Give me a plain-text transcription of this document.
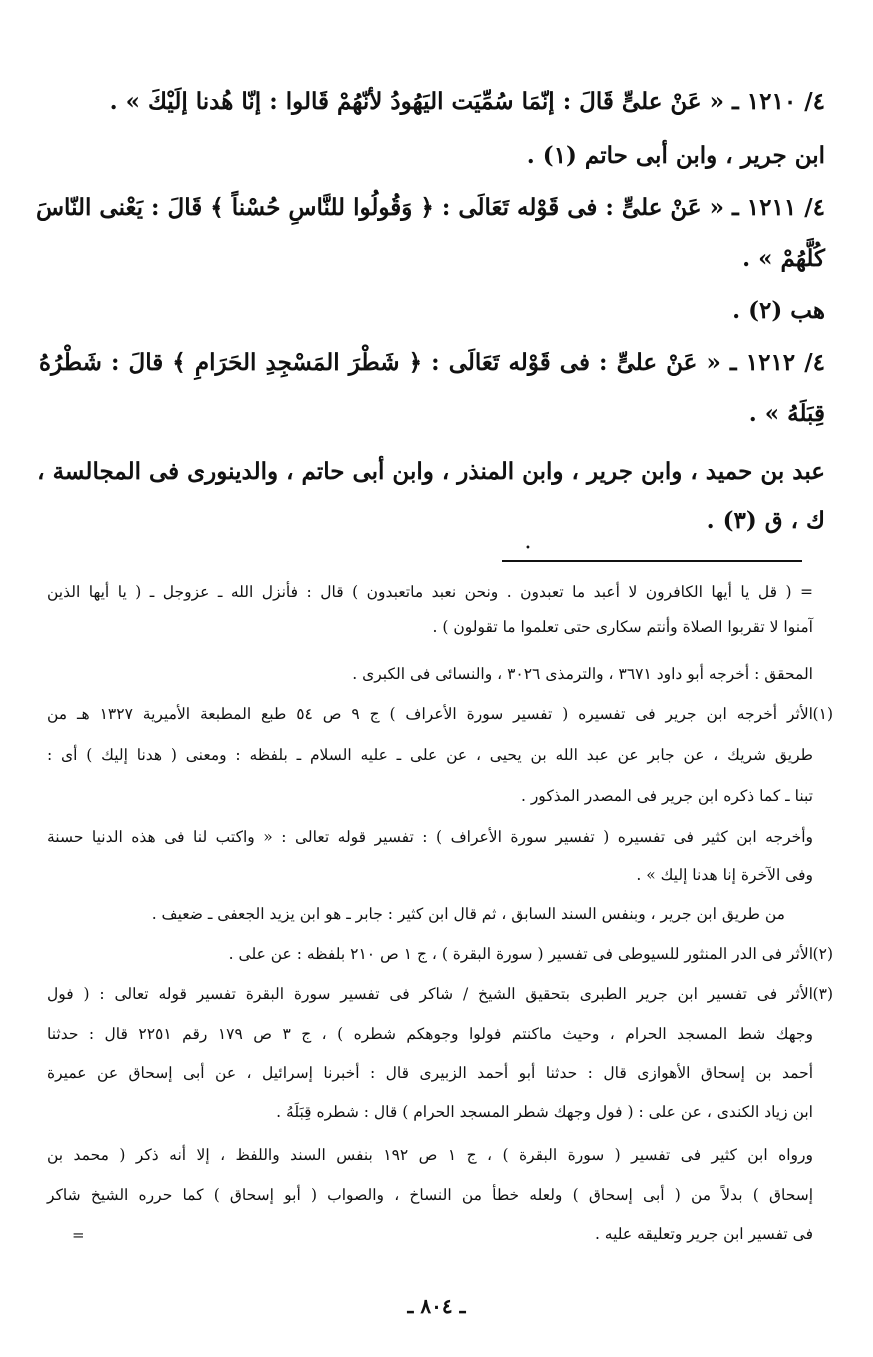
٤/ ١٢١٠ ـ « عَنْ علىٍّ قَالَ : إنّمَا سُمِّيَت اليَهُودُ لأنّهُمْ قَالوا : إنّا هُدنا إلَيْكَ » .
ابن جرير ، وابن أبى حاتم (١) .
٤/ ١٢١١ ـ « عَنْ علىٍّ : فى قَوْله تَعَالَى : ﴿ وَقُولُوا للنَّاسِ حُسْناً ﴾ قَالَ : يَعْنى النّاسَ
كُلَّهُمْ » .
هب (٢) .
٤/ ١٢١٢ ـ « عَنْ علىٍّ : فى قَوْله تَعَالَى : ﴿ شَطْرَ المَسْجِدِ الحَرَامِ ﴾ قالَ : شَطْرُهُ
قِبَلَهُ » .
عبد بن حميد ، وابن جرير ، وابن المنذر ، وابن أبى حاتم ، والدينورى فى المجالسة ،
ك ، ق (٣) .
•
= ( قل يا أيها الكافرون لا أعبد ما تعبدون . ونحن نعبد ماتعبدون ) قال : فأنزل الله ـ عزوجل ـ ( يا أيها الذين
آمنوا لا تقربوا الصلاة وأنتم سكارى حتى تعلموا ما تقولون ) .
المحقق : أخرجه أبو داود ٣٦٧١ ، والترمذى ٣٠٢٦ ، والنسائى فى الكبرى .
(١)
الأثر أخرجه ابن جرير فى تفسيره ( تفسير سورة الأعراف ) ج ٩ ص ٥٤ طبع المطبعة الأميرية ١٣٢٧ هـ من
طريق شريك ، عن جابر عن عبد الله بن يحيى ، عن على ـ عليه السلام ـ بلفظه : ومعنى ( هدنا إليك ) أى :
تبنا ـ كما ذكره ابن جرير فى المصدر المذكور .
وأخرجه ابن كثير فى تفسيره ( تفسير سورة الأعراف ) : تفسير قوله تعالى : « واكتب لنا فى هذه الدنيا حسنة
وفى الآخرة إنا هدنا إليك » .
من طريق ابن جرير ، وبنفس السند السابق ، ثم قال ابن كثير : جابر ـ هو ابن يزيد الجعفى ـ ضعيف .
(٢)
الأثر فى الدر المنثور للسيوطى فى تفسير ( سورة البقرة ) ، ج ١ ص ٢١٠ بلفظه : عن على .
(٣)
الأثر فى تفسير ابن جرير الطبرى بتحقيق الشيخ / شاكر فى تفسير سورة البقرة تفسير قوله تعالى : ( فول
وجهك شط المسجد الحرام ، وحيث ماكنتم فولوا وجوهكم شطره ) ، ج ٣ ص ١٧٩ رقم ٢٢٥١ قال : حدثنا
أحمد بن إسحاق الأهوازى قال : حدثنا أبو أحمد الزبيرى قال : أخبرنا إسرائيل ، عن أبى إسحاق عن عميرة
ابن زياد الكندى ، عن على : ( فول وجهك شطر المسجد الحرام ) قال : شطره قِبَلَهُ .
ورواه ابن كثير فى تفسير ( سورة البقرة ) ، ج ١ ص ١٩٢ بنفس السند واللفظ ، إلا أنه ذكر ( محمد بن
إسحاق ) بدلاً من ( أبى إسحاق ) ولعله خطأ من النساخ ، والصواب ( أبو إسحاق ) كما حرره الشيخ شاكر
فى تفسير ابن جرير وتعليقه عليه .
=
ـ ٨٠٤ ـ
